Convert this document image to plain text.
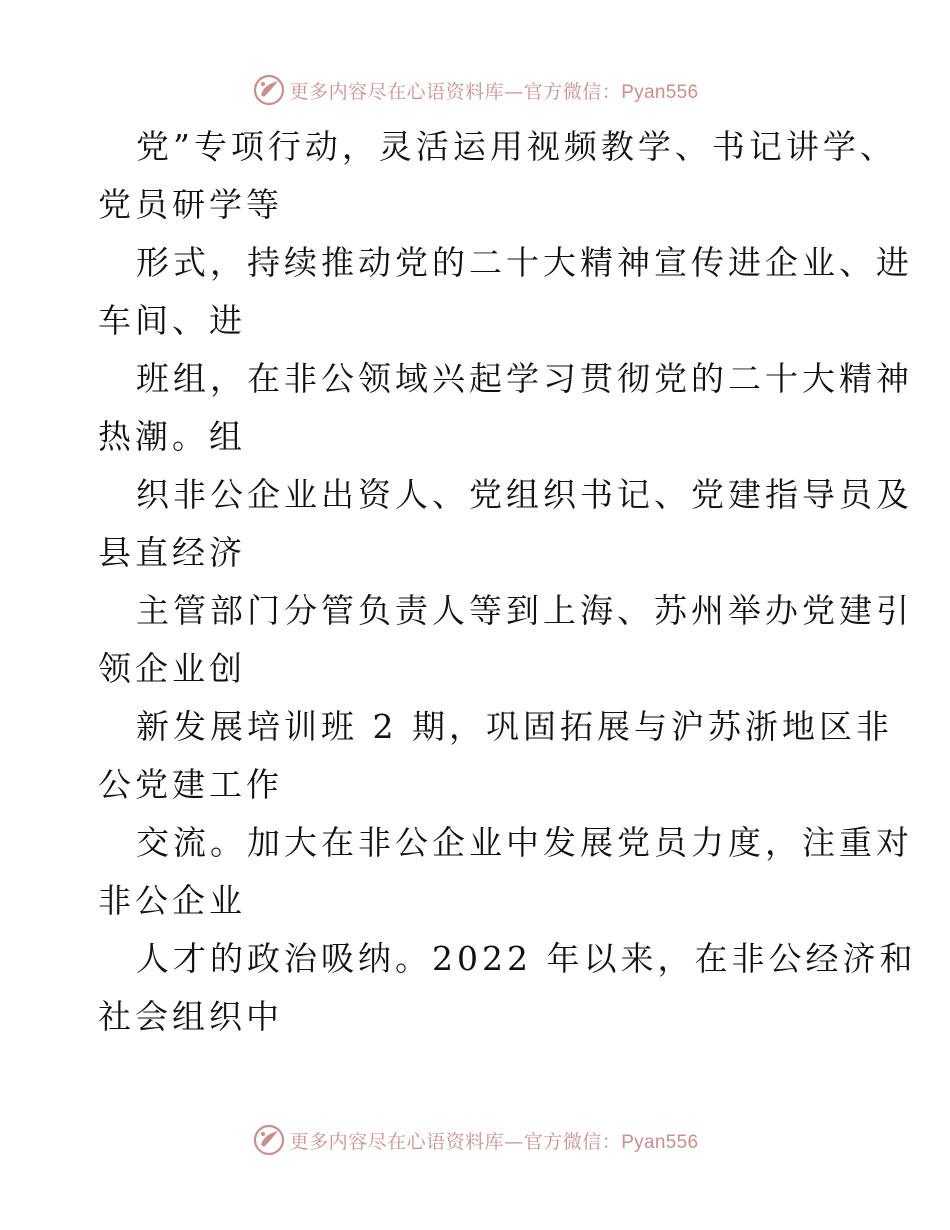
更多内容尽在心语资料库—官方微信：Pyan556
党”专项行动，灵活运用视频教学、书记讲学、
党员研学等
形式，持续推动党的二十大精神宣传进企业、进
车间、进
班组，在非公领域兴起学习贯彻党的二十大精神
热潮。组
织非公企业出资人、党组织书记、党建指导员及
县直经济
主管部门分管负责人等到上海、苏州举办党建引
领企业创
新发展培训班 2 期，巩固拓展与沪苏浙地区非
公党建工作
交流。加大在非公企业中发展党员力度，注重对
非公企业
人才的政治吸纳。2022 年以来，在非公经济和
社会组织中
更多内容尽在心语资料库—官方微信：Pyan556
